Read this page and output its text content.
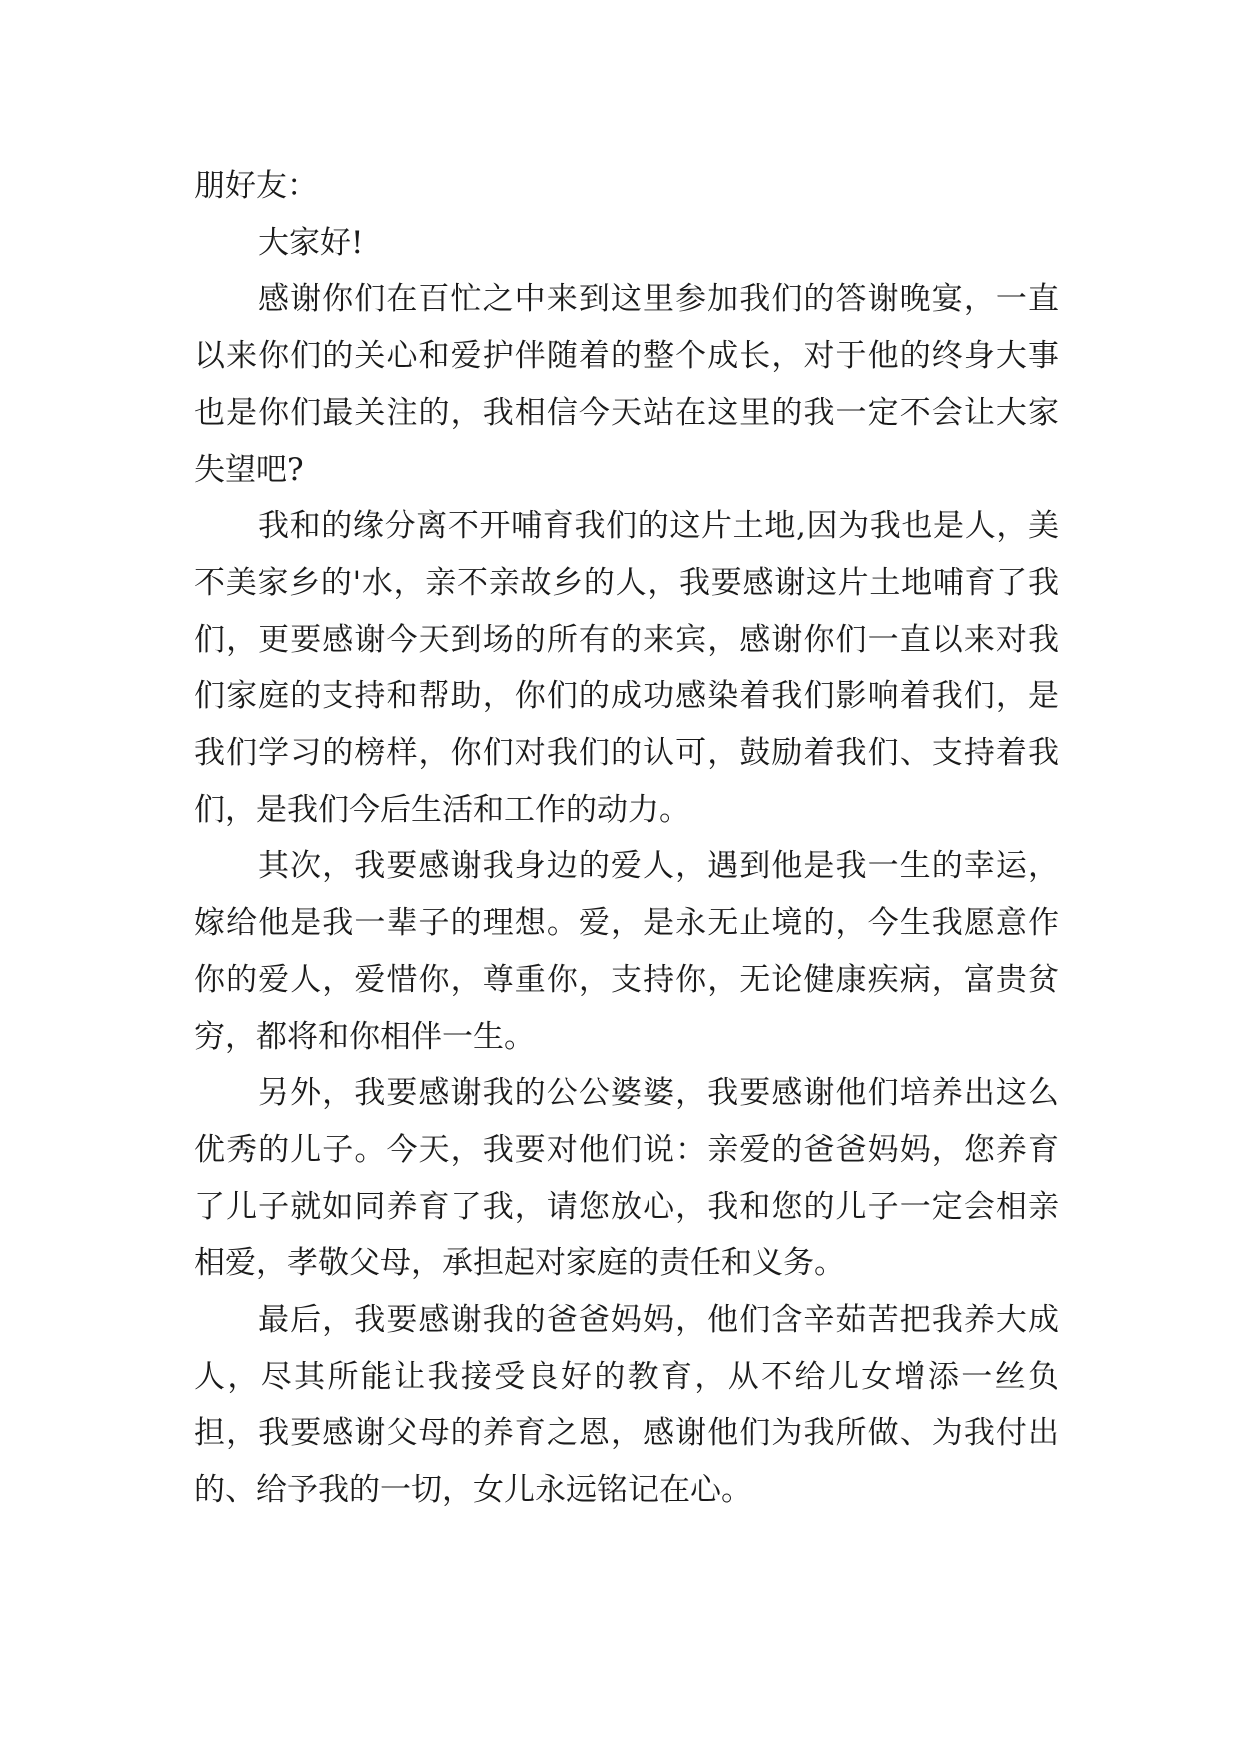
朋好友：

大家好!

感谢你们在百忙之中来到这里参加我们的答谢晚宴，一直以来你们的关心和爱护伴随着的整个成长，对于他的终身大事也是你们最关注的，我相信今天站在这里的我一定不会让大家失望吧?

我和的缘分离不开哺育我们的这片土地,因为我也是人，美不美家乡的'水，亲不亲故乡的人，我要感谢这片土地哺育了我们，更要感谢今天到场的所有的来宾，感谢你们一直以来对我们家庭的支持和帮助，你们的成功感染着我们影响着我们，是我们学习的榜样，你们对我们的认可，鼓励着我们、支持着我们，是我们今后生活和工作的动力。

其次，我要感谢我身边的爱人，遇到他是我一生的幸运，嫁给他是我一辈子的理想。爱，是永无止境的，今生我愿意作你的爱人，爱惜你，尊重你，支持你，无论健康疾病，富贵贫穷，都将和你相伴一生。

另外，我要感谢我的公公婆婆，我要感谢他们培养出这么优秀的儿子。今天，我要对他们说：亲爱的爸爸妈妈，您养育了儿子就如同养育了我，请您放心，我和您的儿子一定会相亲相爱，孝敬父母，承担起对家庭的责任和义务。

最后，我要感谢我的爸爸妈妈，他们含辛茹苦把我养大成人，尽其所能让我接受良好的教育，从不给儿女增添一丝负担，我要感谢父母的养育之恩，感谢他们为我所做、为我付出的、给予我的一切，女儿永远铭记在心。
